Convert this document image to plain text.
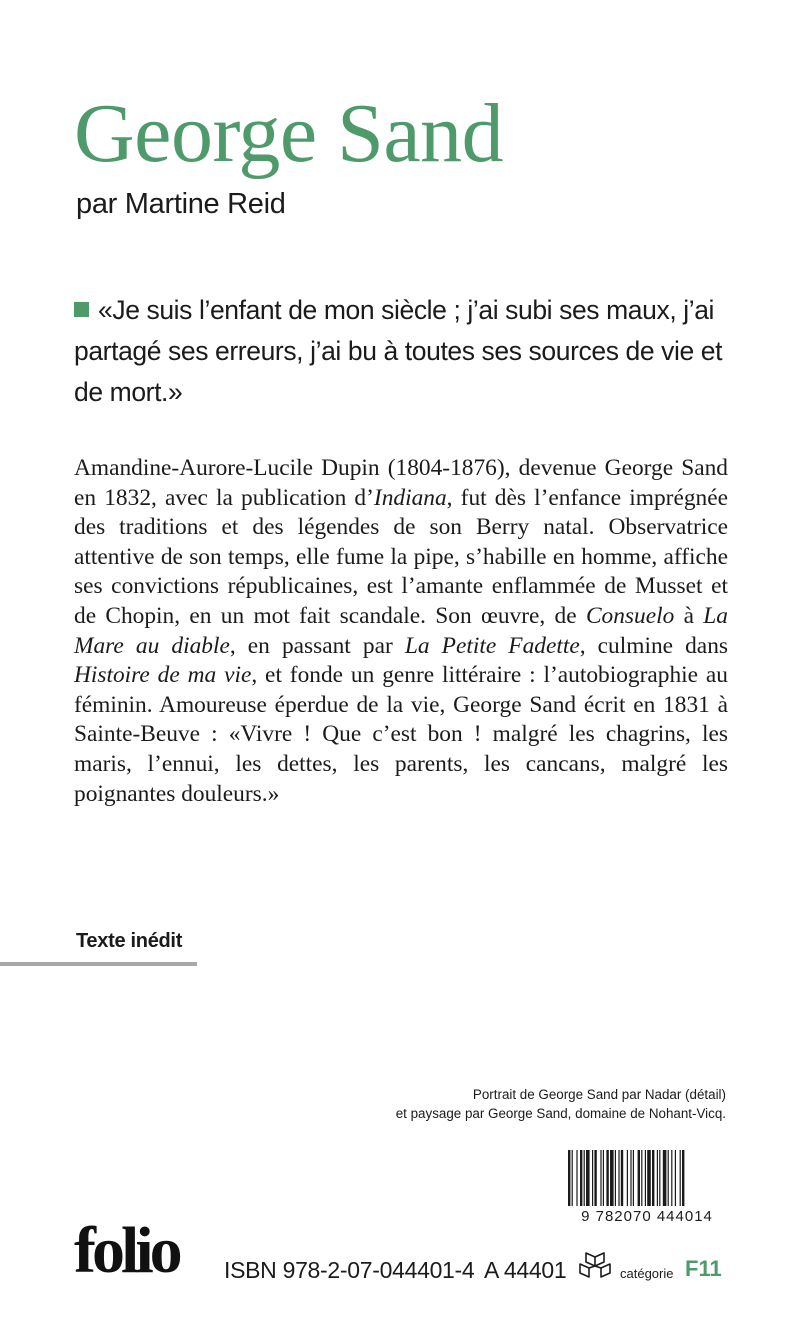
George Sand
par Martine Reid
«Je suis l’enfant de mon siècle ; j’ai subi ses maux, j’ai partagé ses erreurs, j’ai bu à toutes ses sources de vie et de mort.»

Amandine-Aurore-Lucile Dupin (1804-1876), devenue George Sand en 1832, avec la publication d’Indiana, fut dès l’enfance imprégnée des traditions et des légendes de son Berry natal. Observatrice attentive de son temps, elle fume la pipe, s’habille en homme, affiche ses convictions républicaines, est l’amante enflammée de Musset et de Chopin, en un mot fait scandale. Son œuvre, de Consuelo à La Mare au diable, en passant par La Petite Fadette, culmine dans Histoire de ma vie, et fonde un genre littéraire : l’autobiographie au féminin. Amoureuse éperdue de la vie, George Sand écrit en 1831 à Sainte-Beuve : «Vivre ! Que c’est bon ! malgré les chagrins, les maris, l’ennui, les dettes, les parents, les cancans, malgré les poignantes douleurs.»

Texte inédit
Portrait de George Sand par Nadar (détail)
et paysage par George Sand, domaine de Nohant-Vicq.
9 782070 444014
folio ISBN 978-2-07-044401-4 A 44401	catégorie F11
